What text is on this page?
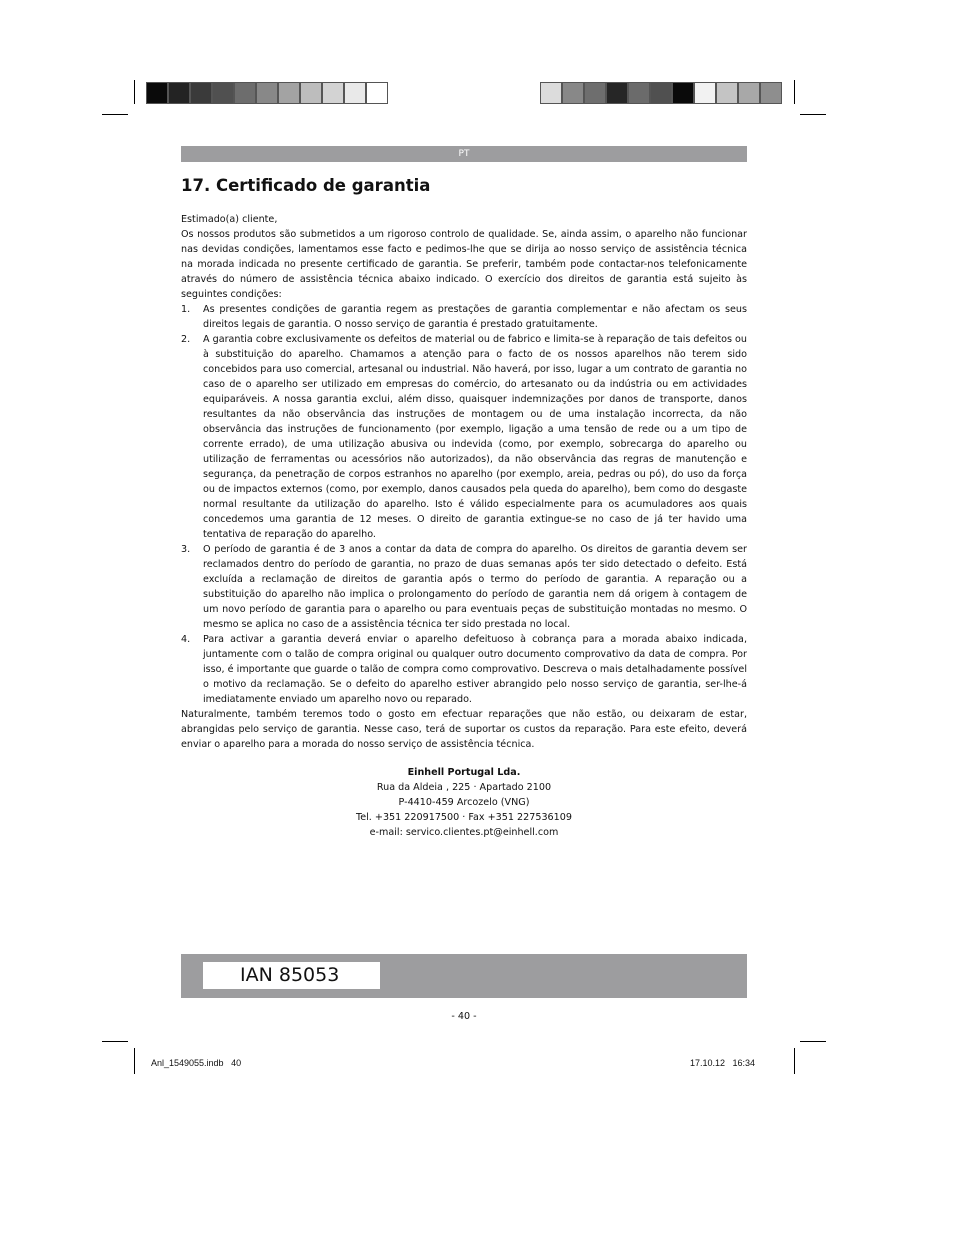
PT
17. Certificado de garantia

Estimado(a) cliente,

Os nossos produtos são submetidos a um rigoroso controlo de qualidade. Se, ainda assim, o aparelho não funcionar nas devidas condições, lamentamos esse facto e pedimos-lhe que se dirija ao nosso serviço de assistência técnica na morada indicada no presente certificado de garantia. Se preferir, também pode contactar-nos telefonicamente através do número de assistência técnica abaixo indicado. O exercício dos direitos de garantia está sujeito às seguintes condições:

1. As presentes condições de garantia regem as prestações de garantia complementar e não afectam os seus direitos legais de garantia. O nosso serviço de garantia é prestado gratuitamente.
2. A garantia cobre exclusivamente os defeitos de material ou de fabrico e limita-se à reparação de tais defeitos ou à substituição do aparelho. Chamamos a atenção para o facto de os nossos aparelhos não terem sido concebidos para uso comercial, artesanal ou industrial. Não haverá, por isso, lugar a um contrato de garantia no caso de o aparelho ser utilizado em empresas do comércio, do artesanato ou da indústria ou em actividades equiparáveis. A nossa garantia exclui, além disso, quaisquer indemnizações por danos de transporte, danos resultantes da não observância das instruções de montagem ou de uma instalação incorrecta, da não observância das instruções de funcionamento (por exemplo, ligação a uma tensão de rede ou a um tipo de corrente errado), de uma utilização abusiva ou indevida (como, por exemplo, sobrecarga do aparelho ou utilização de ferramentas ou acessórios não autorizados), da não observância das regras de manutenção e segurança, da penetração de corpos estranhos no aparelho (por exemplo, areia, pedras ou pó), do uso da força ou de impactos externos (como, por exemplo, danos causados pela queda do aparelho), bem como do desgaste normal resultante da utilização do aparelho. Isto é válido especialmente para os acumuladores aos quais concedemos uma garantia de 12 meses. O direito de garantia extingue-se no caso de já ter havido uma tentativa de reparação do aparelho.
3. O período de garantia é de 3 anos a contar da data de compra do aparelho. Os direitos de garantia devem ser reclamados dentro do período de garantia, no prazo de duas semanas após ter sido detectado o defeito. Está excluída a reclamação de direitos de garantia após o termo do período de garantia. A reparação ou a substituição do aparelho não implica o prolongamento do período de garantia nem dá origem à contagem de um novo período de garantia para o aparelho ou para eventuais peças de substituição montadas no mesmo. O mesmo se aplica no caso de a assistência técnica ter sido prestada no local.
4. Para activar a garantia deverá enviar o aparelho defeituoso à cobrança para a morada abaixo indicada, juntamente com o talão de compra original ou qualquer outro documento comprovativo da data de compra. Por isso, é importante que guarde o talão de compra como comprovativo. Descreva o mais detalhadamente possível o motivo da reclamação. Se o defeito do aparelho estiver abrangido pelo nosso serviço de garantia, ser-lhe-á imediatamente enviado um aparelho novo ou reparado.

Naturalmente, também teremos todo o gosto em efectuar reparações que não estão, ou deixaram de estar, abrangidas pelo serviço de garantia. Nesse caso, terá de suportar os custos da reparação. Para este efeito, deverá enviar o aparelho para a morada do nosso serviço de assistência técnica.

Einhell Portugal Lda.
Rua da Aldeia , 225 · Apartado 2100
P-4410-459 Arcozelo (VNG)
Tel. +351 220917500 · Fax +351 227536109
e-mail: servico.clientes.pt@einhell.com
IAN 85053
- 40 -
Anl_1549055.indb   40	17.10.12   16:34
